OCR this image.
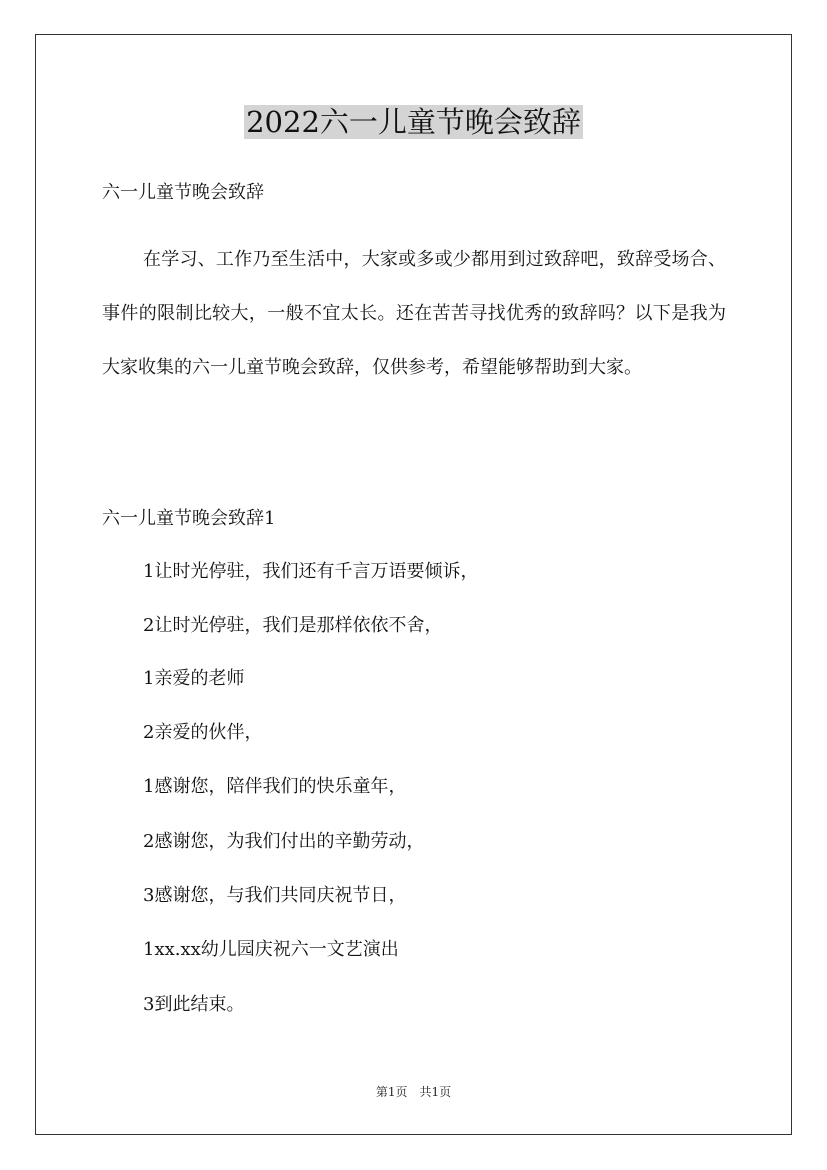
2022六一儿童节晚会致辞
六一儿童节晚会致辞
在学习、工作乃至生活中，大家或多或少都用到过致辞吧，致辞受场合、事件的限制比较大，一般不宜太长。还在苦苦寻找优秀的致辞吗？以下是我为大家收集的六一儿童节晚会致辞，仅供参考，希望能够帮助到大家。
六一儿童节晚会致辞1
1让时光停驻，我们还有千言万语要倾诉，
2让时光停驻，我们是那样依依不舍，
1亲爱的老师
2亲爱的伙伴，
1感谢您，陪伴我们的快乐童年，
2感谢您，为我们付出的辛勤劳动，
3感谢您，与我们共同庆祝节日，
1xx.xx幼儿园庆祝六一文艺演出
3到此结束。
第1页　共1页
